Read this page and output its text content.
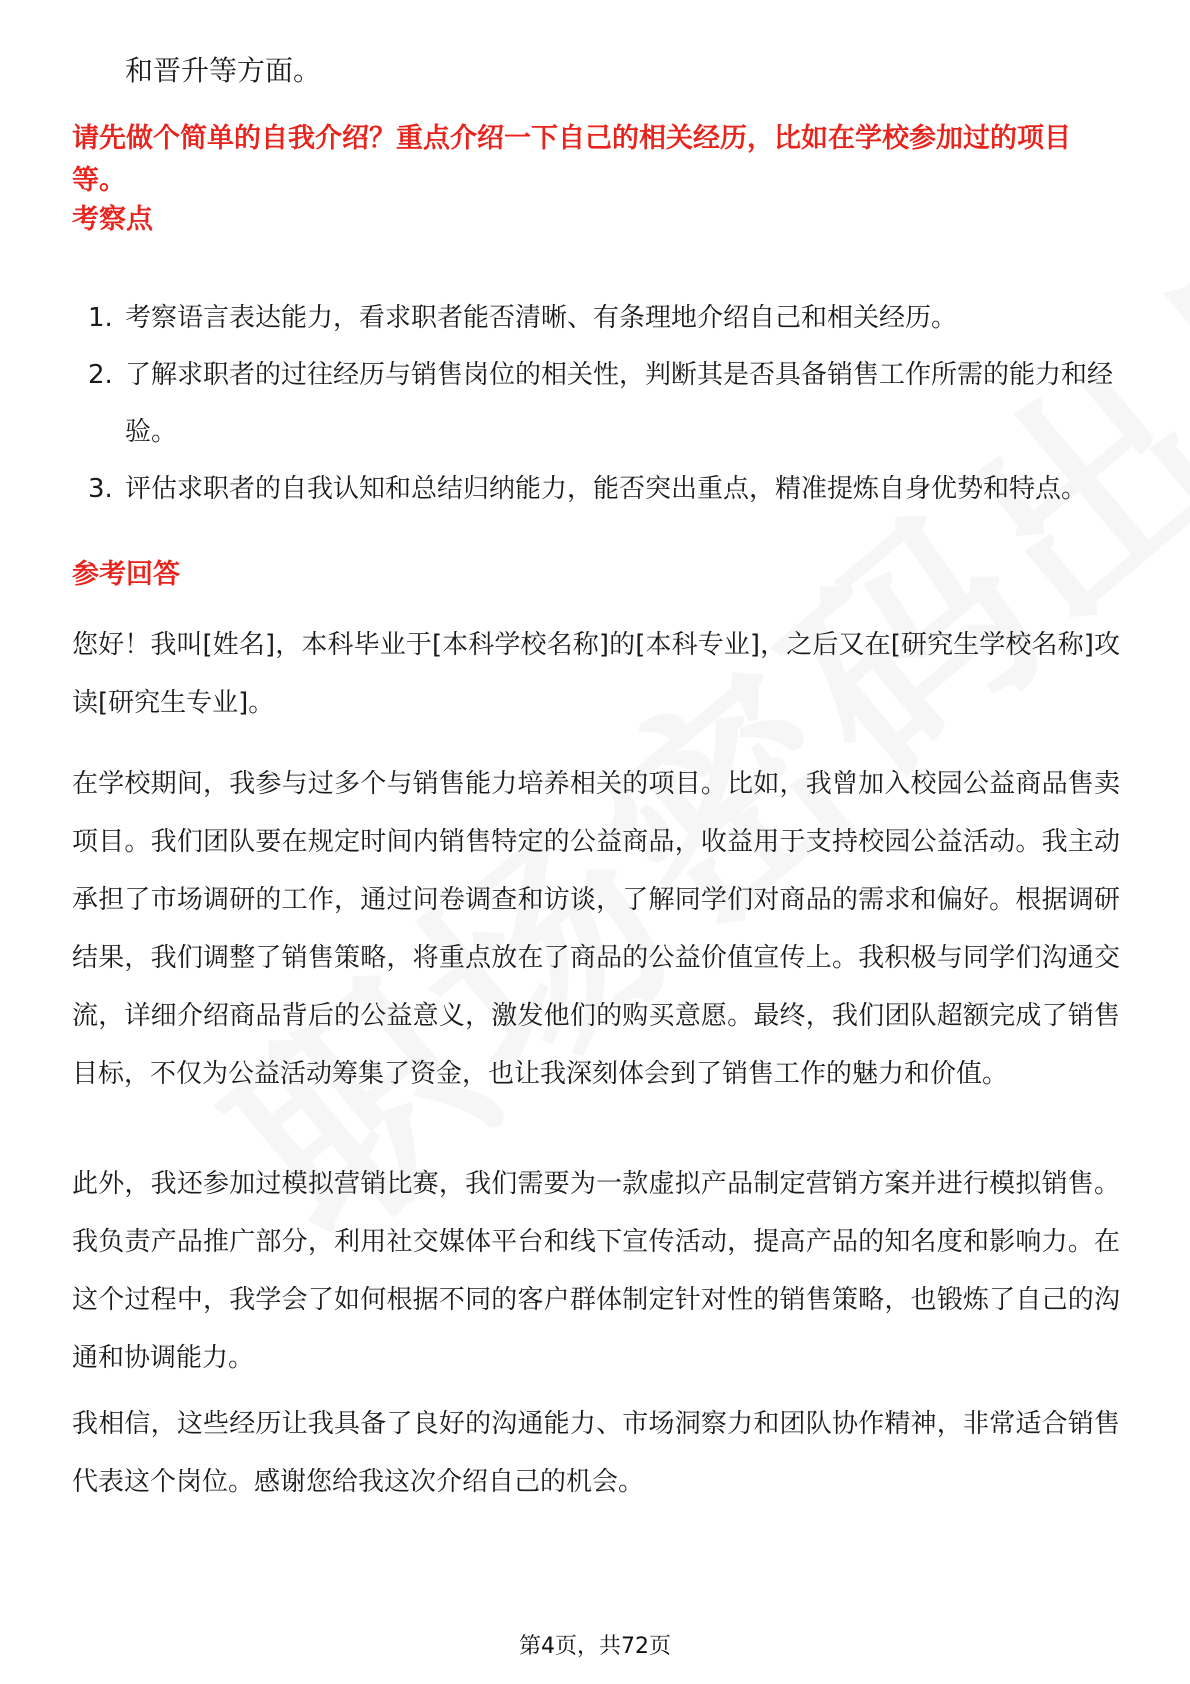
和晋升等方面。

请先做个简单的自我介绍？重点介绍一下自己的相关经历，比如在学校参加过的项目等。

考察点

1. 考察语言表达能力，看求职者能否清晰、有条理地介绍自己和相关经历。
2. 了解求职者的过往经历与销售岗位的相关性，判断其是否具备销售工作所需的能力和经验。
3. 评估求职者的自我认知和总结归纳能力，能否突出重点，精准提炼自身优势和特点。

参考回答

您好！我叫[姓名]，本科毕业于[本科学校名称]的[本科专业]，之后又在[研究生学校名称]攻读[研究生专业]。

在学校期间，我参与过多个与销售能力培养相关的项目。比如，我曾加入校园公益商品售卖项目。我们团队要在规定时间内销售特定的公益商品，收益用于支持校园公益活动。我主动承担了市场调研的工作，通过问卷调查和访谈，了解同学们对商品的需求和偏好。根据调研结果，我们调整了销售策略，将重点放在了商品的公益价值宣传上。我积极与同学们沟通交流，详细介绍商品背后的公益意义，激发他们的购买意愿。最终，我们团队超额完成了销售目标，不仅为公益活动筹集了资金，也让我深刻体会到了销售工作的魅力和价值。

此外，我还参加过模拟营销比赛，我们需要为一款虚拟产品制定营销方案并进行模拟销售。我负责产品推广部分，利用社交媒体平台和线下宣传活动，提高产品的知名度和影响力。在这个过程中，我学会了如何根据不同的客户群体制定针对性的销售策略，也锻炼了自己的沟通和协调能力。

我相信，这些经历让我具备了良好的沟通能力、市场洞察力和团队协作精神，非常适合销售代表这个岗位。感谢您给我这次介绍自己的机会。

第4页，共72页
